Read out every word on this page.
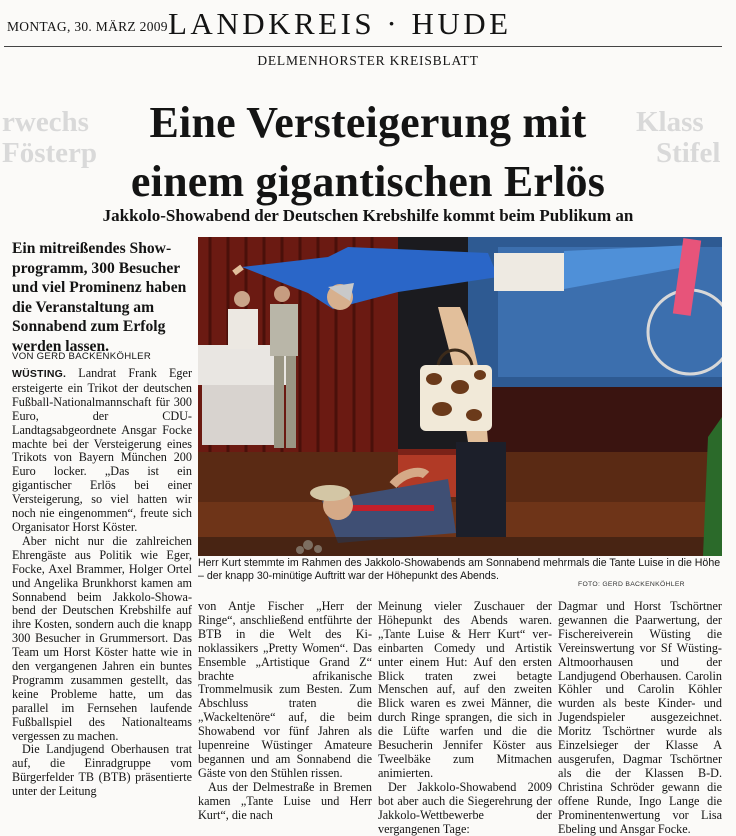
rwechs
Fösterp
Klass
Stifel
MONTAG, 30. MÄRZ 2009 LANDKREIS · HUDE
DELMENHORSTER KREISBLATT
Eine Versteigerung mit
einem gigantischen Erlös
Jakkolo-Showabend der Deutschen Krebshilfe kommt beim Publikum an
Ein mitreißendes Showprogramm, 300 Besucher und viel Prominenz haben die Veranstaltung am Sonnabend zum Erfolg werden lassen.
VON GERD BACKENKÖHLER

WÜSTING. Landrat Frank Eger ersteigerte ein Trikot der deutschen Fußball-Nationalmannschaft für 300 Euro, der CDU-Landtagsabgeordnete Ansgar Focke machte bei der Versteigerung eines Trikots von Bayern München 200 Euro locker. „Das ist ein gigantischer Erlös bei einer Versteigerung, so viel hatten wir noch nie eingenommen“, freute sich Organisator Horst Köster.

Aber nicht nur die zahlreichen Ehrengäste aus Politik wie Eger, Focke, Axel Brammer, Holger Ortel und Angelika Brunkhorst kamen am Sonnabend beim Jakkolo-Showabend der Deutschen Krebshilfe auf ihre Kosten, sondern auch die knapp 300 Besucher in Grummersort. Das Team um Horst Köster hatte wie in den vergangenen Jahren ein buntes Programm zusammen gestellt, das keine Probleme hatte, um das parallel im Fernsehen laufende Fußballspiel des Nationalteams vergessen zu machen.

Die Landjugend Oberhausen trat auf, die Einradgruppe vom Bürgerfelder TB (BTB) präsentierte unter der Leitung

Herr Kurt stemmte im Rahmen des Jakkolo-Showabends am Sonnabend mehrmals die Tante Luise in die Höhe – der knapp 30-minütige Auftritt war der Höhepunkt des Abends.
FOTO: GERD BACKENKÖHLER

von Antje Fischer „Herr der Ringe“, anschließend entführte der BTB in die Welt des Kinoklassikers „Pretty Women“. Das Ensemble „Artistique Grand Z“ brachte afrikanische Trommelmusik zum Besten. Zum Abschluss traten die „Wackeltenöre“ auf, die beim Showabend vor fünf Jahren als lupenreine Wüstinger Amateure begannen und am Sonnabend die Gäste von den Stühlen rissen.

Aus der Delmestraße in Bremen kamen „Tante Luise und Herr Kurt“, die nach

Meinung vieler Zuschauer der Höhepunkt des Abends waren. „Tante Luise & Herr Kurt“ vereinbarten Comedy und Artistik unter einem Hut: Auf den ersten Blick traten zwei betagte Menschen auf, auf den zweiten Blick waren es zwei Männer, die durch Ringe sprangen, die sich in die Lüfte warfen und die die Besucherin Jennifer Köster aus Tweelbäke zum Mitmachen animierten.

Der Jakkolo-Showabend 2009 bot aber auch die Siegerehrung der Jakkolo-Wettbewerbe der vergangenen Tage:

Dagmar und Horst Tschörtner gewannen die Paarwertung, der Fischereiverein Wüsting die Vereinswertung vor Sf Wüsting-Altmoorhausen und der Landjugend Oberhausen. Carolin Köhler und Carolin Köhler wurden als beste Kinder- und Jugendspieler ausgezeichnet. Moritz Tschörtner wurde als Einzelsieger der Klasse A ausgerufen, Dagmar Tschörtner als die der Klassen B-D. Christina Schröder gewann die offene Runde, Ingo Lange die Prominentenwertung vor Lisa Ebeling und Ansgar Focke.
